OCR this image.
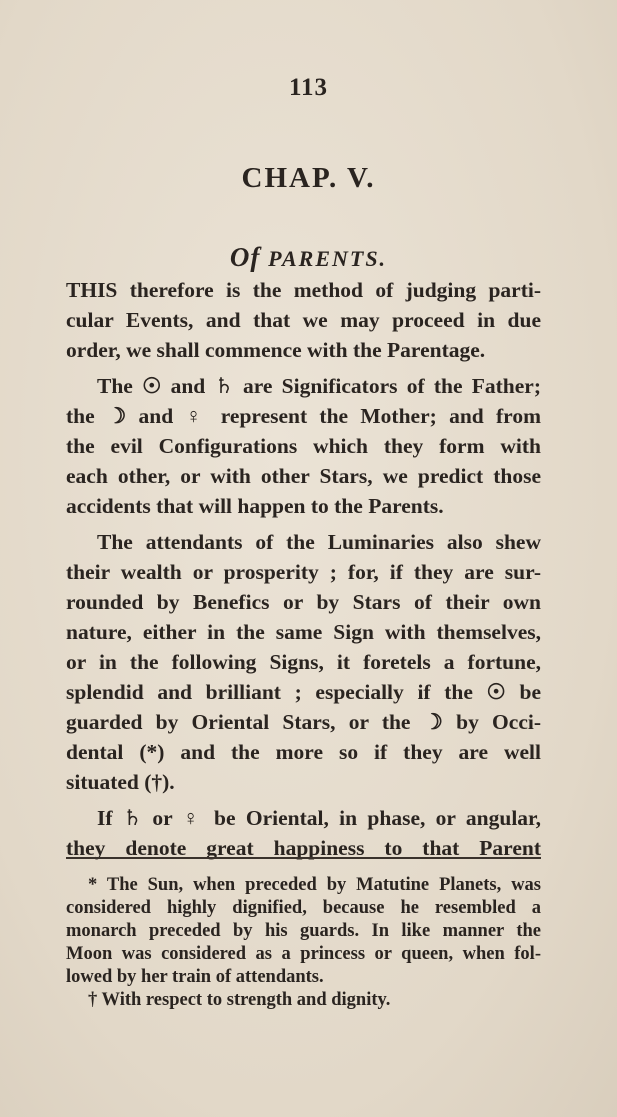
113
CHAP. V.
Of PARENTS.
THIS therefore is the method of judging parti-
cular Events, and that we may proceed in due
order, we shall commence with the Parentage.
The ☉ and ♄ are Significators of the Father;
the ☽ and ♀ represent the Mother; and from
the evil Configurations which they form with
each other, or with other Stars, we predict those
accidents that will happen to the Parents.
The attendants of the Luminaries also shew
their wealth or prosperity ; for, if they are sur-
rounded by Benefics or by Stars of their own
nature, either in the same Sign with themselves,
or in the following Signs, it foretels a fortune,
splendid and brilliant ; especially if the ☉ be
guarded by Oriental Stars, or the ☽ by Occi-
dental (*) and the more so if they are well
situated (†).
If ♄ or ♀ be Oriental, in phase, or angular,
they denote great happiness to that Parent
* The Sun, when preceded by Matutine Planets, was
considered highly dignified, because he resembled a
monarch preceded by his guards. In like manner the
Moon was considered as a princess or queen, when fol-
lowed by her train of attendants.
† With respect to strength and dignity.
